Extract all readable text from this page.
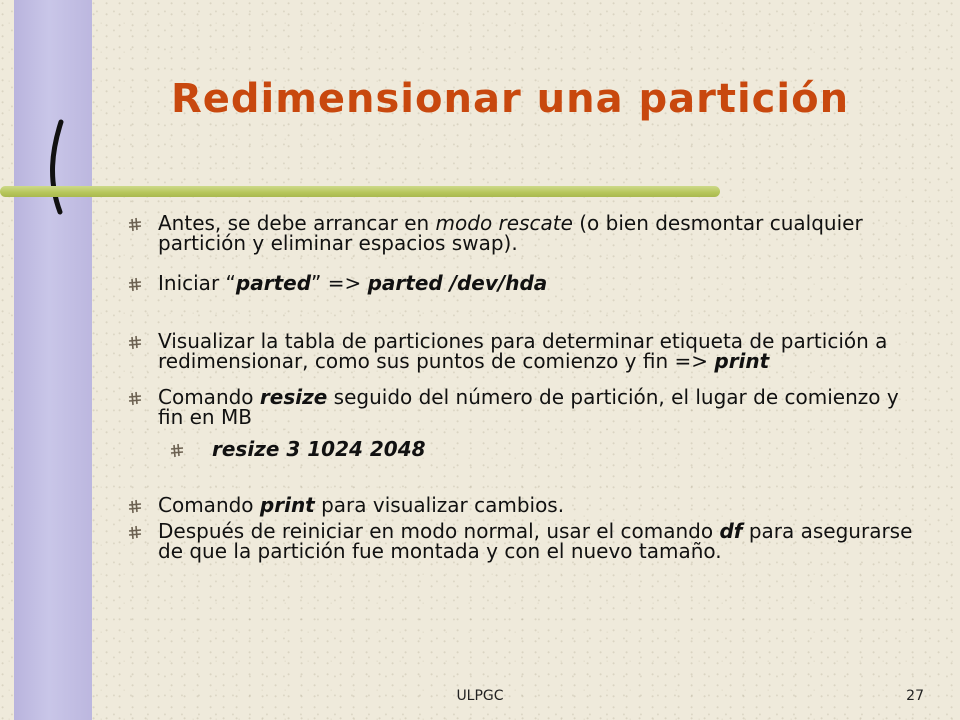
Redimensionar una partición
Antes, se debe arrancar en modo rescate (o bien desmontar cualquier partición y eliminar espacios swap).
Iniciar “parted” => parted /dev/hda
Visualizar la tabla de particiones para determinar etiqueta de partición a redimensionar, como sus puntos de comienzo y fin => print
Comando resize seguido del número de partición, el lugar de comienzo y fin en MB
resize 3 1024 2048
Comando print para visualizar cambios.
Después de reiniciar en modo normal, usar el comando df para asegurarse de que la partición fue montada y con el nuevo tamaño.
ULPGC	27
